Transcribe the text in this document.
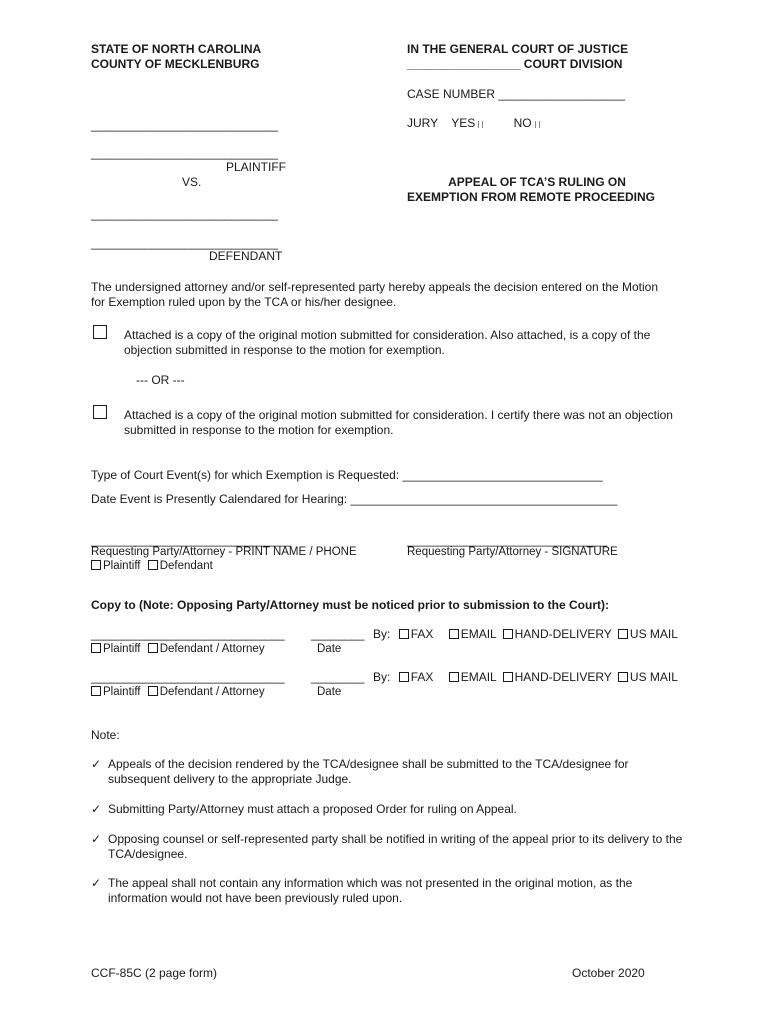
STATE OF NORTH CAROLINA
COUNTY OF MECKLENBURG
IN THE GENERAL COURT OF JUSTICE
_________________ COURT DIVISION
CASE NUMBER ___________________
JURY YES	NO
____________________________
____________________________
PLAINTIFF
VS.
____________________________
____________________________
DEFENDANT
APPEAL OF TCA’S RULING ON
EXEMPTION FROM REMOTE PROCEEDING
The undersigned attorney and/or self-represented party hereby appeals the decision entered on the Motion for Exemption ruled upon by the TCA or his/her designee.
Attached is a copy of the original motion submitted for consideration. Also attached, is a copy of the objection submitted in response to the motion for exemption.
--- OR ---
Attached is a copy of the original motion submitted for consideration. I certify there was not an objection submitted in response to the motion for exemption.
Type of Court Event(s) for which Exemption is Requested: ______________________________
Date Event is Presently Calendared for Hearing: ________________________________________
______________________________	______________________________
Requesting Party/Attorney - PRINT NAME / PHONE	Requesting Party/Attorney - SIGNATURE
Plaintiff Defendant
Copy to (Note: Opposing Party/Attorney must be noticed prior to submission to the Court):
_____________________________ ________ By: FAX EMAIL HAND-DELIVERY US MAIL
Plaintiff Defendant / Attorney	Date
_____________________________ ________ By: FAX EMAIL HAND-DELIVERY US MAIL
Plaintiff Defendant / Attorney	Date
Note:
✓ Appeals of the decision rendered by the TCA/designee shall be submitted to the TCA/designee for subsequent delivery to the appropriate Judge.
✓ Submitting Party/Attorney must attach a proposed Order for ruling on Appeal.
✓ Opposing counsel or self-represented party shall be notified in writing of the appeal prior to its delivery to the TCA/designee.
✓ The appeal shall not contain any information which was not presented in the original motion, as the information would not have been previously ruled upon.
CCF-85C (2 page form)	October 2020
